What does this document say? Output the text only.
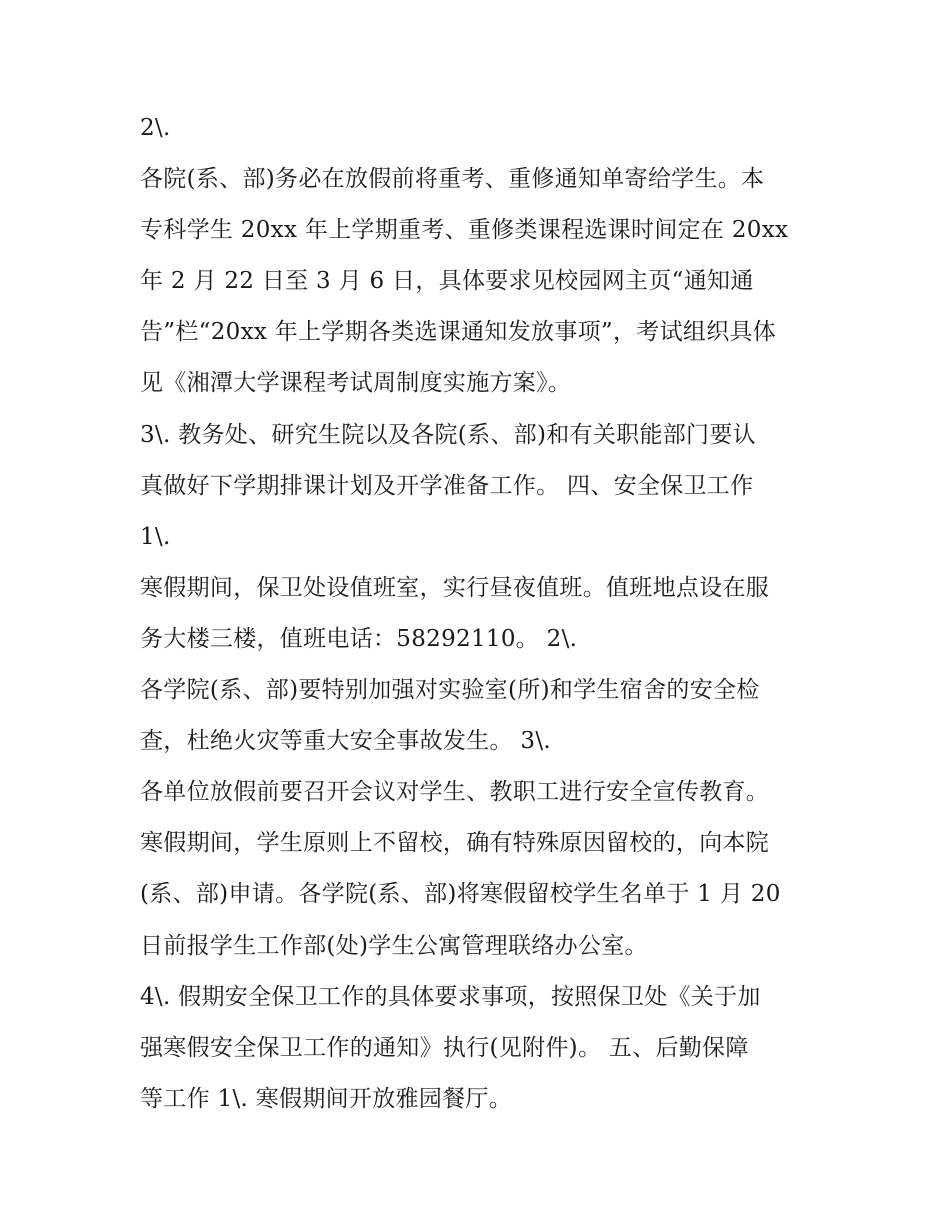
2\.
各院(系、部)务必在放假前将重考、重修通知单寄给学生。本
专科学生 20xx 年上学期重考、重修类课程选课时间定在 20xx
年 2 月 22 日至 3 月 6 日，具体要求见校园网主页“通知通
告”栏“20xx 年上学期各类选课通知发放事项”，考试组织具体
见《湘潭大学课程考试周制度实施方案》。
3\. 教务处、研究生院以及各院(系、部)和有关职能部门要认
真做好下学期排课计划及开学准备工作。 四、安全保卫工作
1\.
寒假期间，保卫处设值班室，实行昼夜值班。值班地点设在服
务大楼三楼，值班电话：58292110。 2\.
各学院(系、部)要特别加强对实验室(所)和学生宿舍的安全检
查，杜绝火灾等重大安全事故发生。 3\.
各单位放假前要召开会议对学生、教职工进行安全宣传教育。
寒假期间，学生原则上不留校，确有特殊原因留校的，向本院
(系、部)申请。各学院(系、部)将寒假留校学生名单于 1 月 20
日前报学生工作部(处)学生公寓管理联络办公室。
4\. 假期安全保卫工作的具体要求事项，按照保卫处《关于加
强寒假安全保卫工作的通知》执行(见附件)。 五、后勤保障
等工作 1\. 寒假期间开放雅园餐厅。
